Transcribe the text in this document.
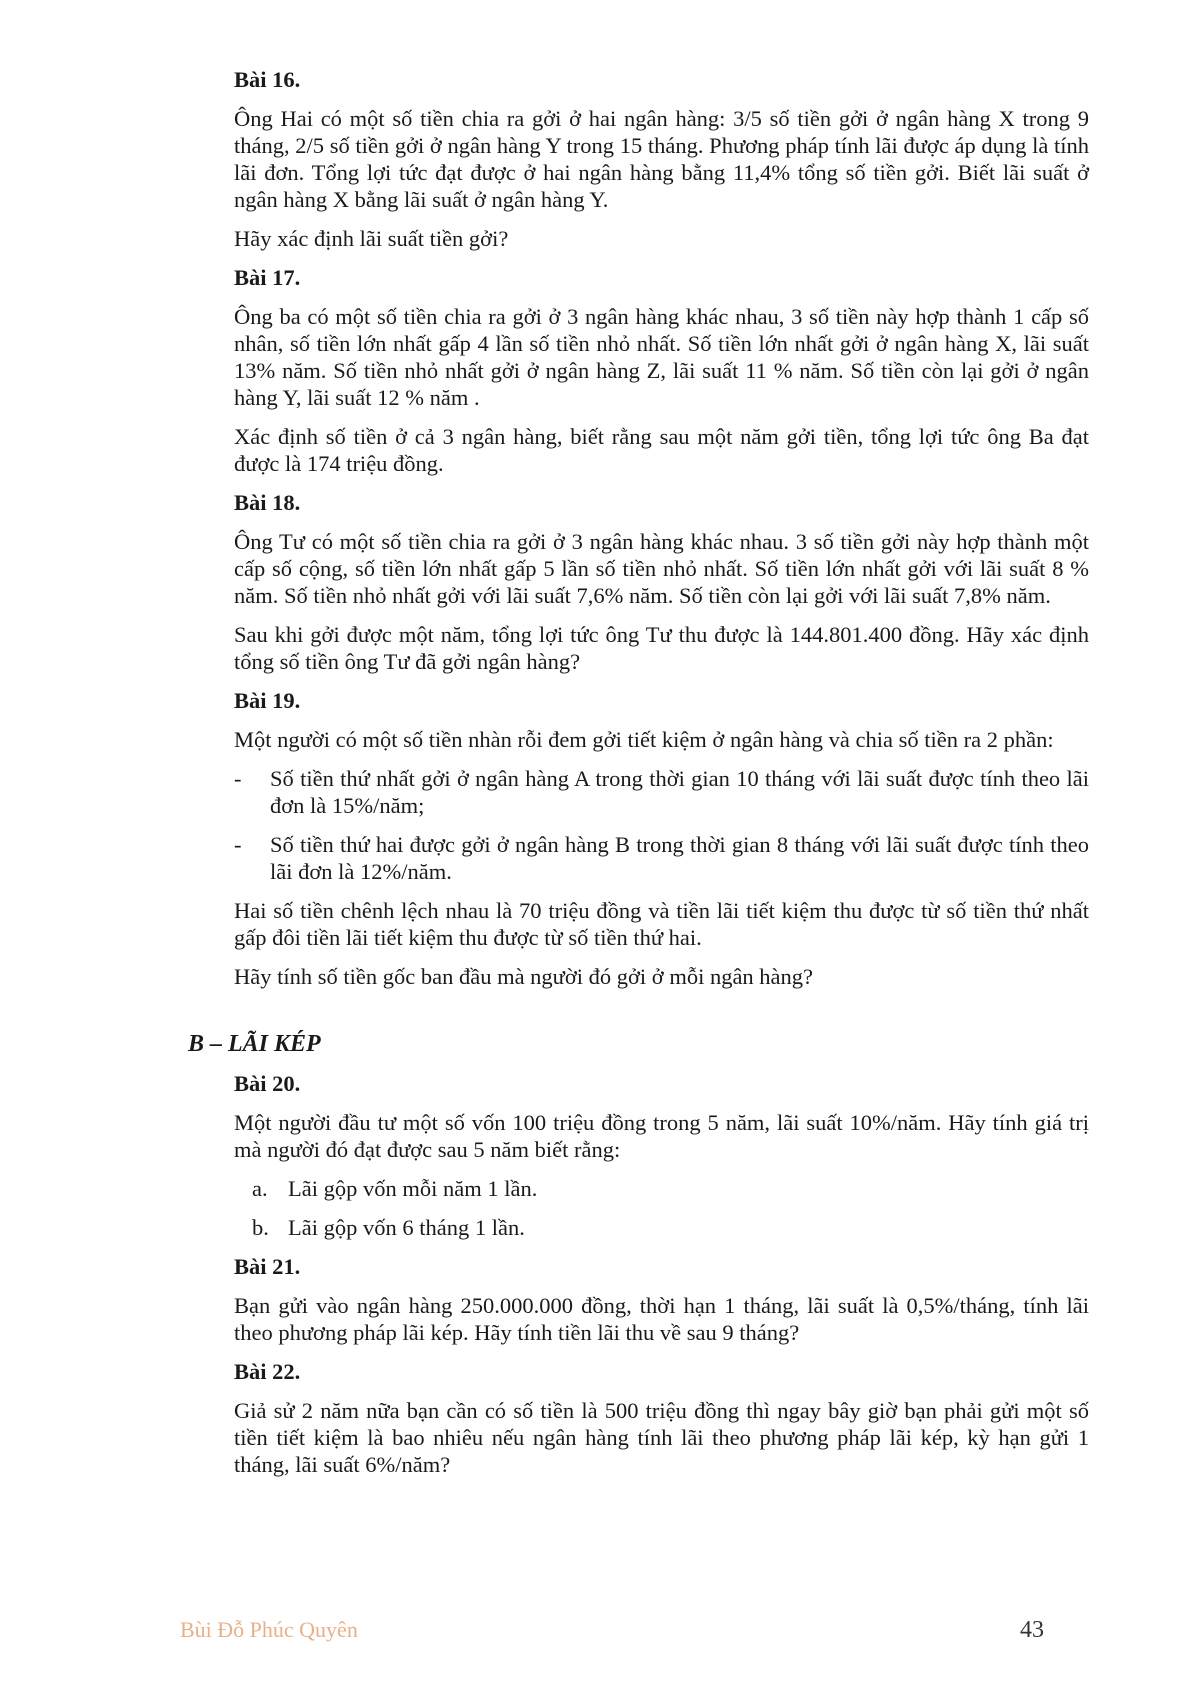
Bài 16.

Ông Hai có một số tiền chia ra gởi ở hai ngân hàng: 3/5 số tiền gởi ở ngân hàng X trong 9 tháng, 2/5 số tiền gởi ở ngân hàng Y trong 15 tháng. Phương pháp tính lãi được áp dụng là tính lãi đơn. Tổng lợi tức đạt được ở hai ngân hàng bằng 11,4% tổng số tiền gởi. Biết lãi suất ở ngân hàng X bằng lãi suất ở ngân hàng Y.

Hãy xác định lãi suất tiền gởi?

Bài 17.

Ông ba có một số tiền chia ra gởi ở 3 ngân hàng khác nhau, 3 số tiền này hợp thành 1 cấp số nhân, số tiền lớn nhất gấp 4 lần số tiền nhỏ nhất. Số tiền lớn nhất gởi ở ngân hàng X, lãi suất 13% năm. Số tiền nhỏ nhất gởi ở ngân hàng Z, lãi suất 11 % năm. Số tiền còn lại gởi ở ngân hàng Y, lãi suất 12 % năm .

Xác định số tiền ở cả 3 ngân hàng, biết rằng sau một năm gởi tiền, tổng lợi tức ông Ba đạt được là 174 triệu đồng.

Bài 18.

Ông Tư có một số tiền chia ra gởi ở 3 ngân hàng khác nhau. 3 số tiền gởi này hợp thành một cấp số cộng, số tiền lớn nhất gấp 5 lần số tiền nhỏ nhất. Số tiền lớn nhất gởi với lãi suất 8 % năm. Số tiền nhỏ nhất gởi với lãi suất 7,6% năm. Số tiền còn lại gởi với lãi suất 7,8% năm.

Sau khi gởi được một năm, tổng lợi tức ông Tư thu được là 144.801.400 đồng. Hãy xác định tổng số tiền ông Tư đã gởi ngân hàng?

Bài 19.

Một người có một số tiền nhàn rỗi đem gởi tiết kiệm ở ngân hàng và chia số tiền ra 2 phần:

-	Số tiền thứ nhất gởi ở ngân hàng A trong thời gian 10 tháng với lãi suất được tính theo lãi đơn là 15%/năm;
-	Số tiền thứ hai được gởi ở ngân hàng B trong thời gian 8 tháng với lãi suất được tính theo lãi đơn là 12%/năm.

Hai số tiền chênh lệch nhau là 70 triệu đồng và tiền lãi tiết kiệm thu được từ số tiền thứ nhất gấp đôi tiền lãi tiết kiệm thu được từ số tiền thứ hai.

Hãy tính số tiền gốc ban đầu mà người đó gởi ở mỗi ngân hàng?

B – LÃI KÉP
Bài 20.

Một người đầu tư một số vốn 100 triệu đồng trong 5 năm, lãi suất 10%/năm. Hãy tính giá trị mà người đó đạt được sau 5 năm biết rằng:

a. Lãi gộp vốn mỗi năm 1 lần.
b. Lãi gộp vốn 6 tháng 1 lần.
Bài 21.

Bạn gửi vào ngân hàng 250.000.000 đồng, thời hạn 1 tháng, lãi suất là 0,5%/tháng, tính lãi theo phương pháp lãi kép. Hãy tính tiền lãi thu về sau 9 tháng?

Bài 22.

Giả sử 2 năm nữa bạn cần có số tiền là 500 triệu đồng thì ngay bây giờ bạn phải gửi một số tiền tiết kiệm là bao nhiêu nếu ngân hàng tính lãi theo phương pháp lãi kép, kỳ hạn gửi 1 tháng, lãi suất 6%/năm?

Bùi Đỗ Phúc Quyên	43
